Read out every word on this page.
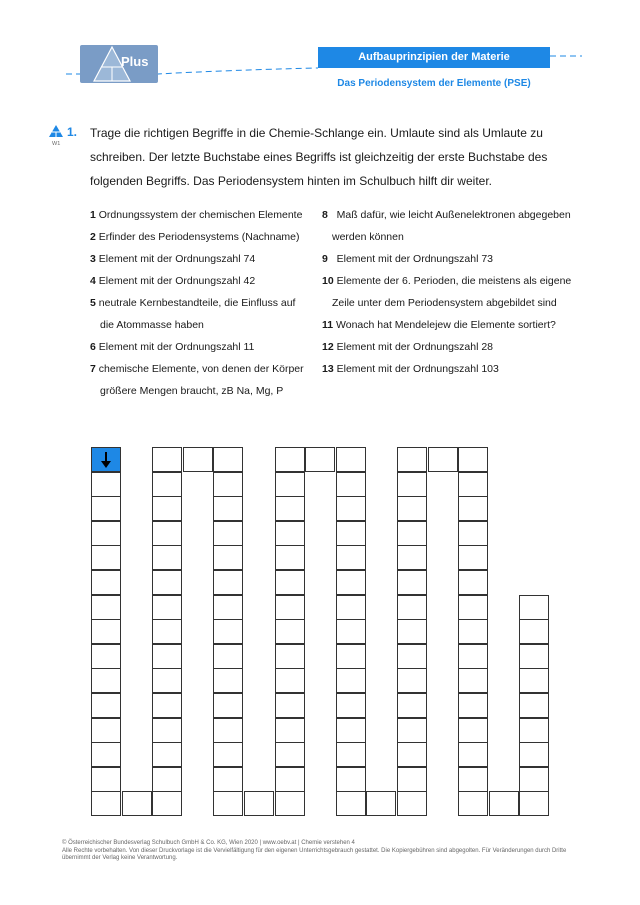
Plus	Aufbauprinzipien der Materie
Das Periodensystem der Elemente (PSE)
W1
1. Trage die richtigen Begriffe in die Chemie-Schlange ein. Umlaute sind als Umlaute zu schreiben. Der letzte Buchstabe eines Begriffs ist gleichzeitig der erste Buchstabe des folgenden Begriffs. Das Periodensystem hinten im Schulbuch hilft dir weiter.
1 Ordnungssystem der chemischen Elemente
2 Erfinder des Periodensystems (Nachname)
3 Element mit der Ordnungszahl 74
4 Element mit der Ordnungszahl 42
5 neutrale Kernbestandteile, die Einfluss auf
die Atommasse haben
6 Element mit der Ordnungszahl 11
7 chemische Elemente, von denen der Körper
größere Mengen braucht, zB Na, Mg, P
8 Maß dafür, wie leicht Außenelektronen abgegeben
werden können
9 Element mit der Ordnungszahl 73
10 Elemente der 6. Perioden, die meistens als eigene
Zeile unter dem Periodensystem abgebildet sind
11 Wonach hat Mendelejew die Elemente sortiert?
12 Element mit der Ordnungszahl 28
13 Element mit der Ordnungszahl 103
© Österreichischer Bundesverlag Schulbuch GmbH & Co. KG, Wien 2020 | www.oebv.at | Chemie verstehen 4
Alle Rechte vorbehalten. Von dieser Druckvorlage ist die Vervielfältigung für den eigenen Unterrichtsgebrauch gestattet. Die Kopiergebühren sind abgegolten. Für Veränderungen durch Dritte übernimmt der Verlag keine Verantwortung.
